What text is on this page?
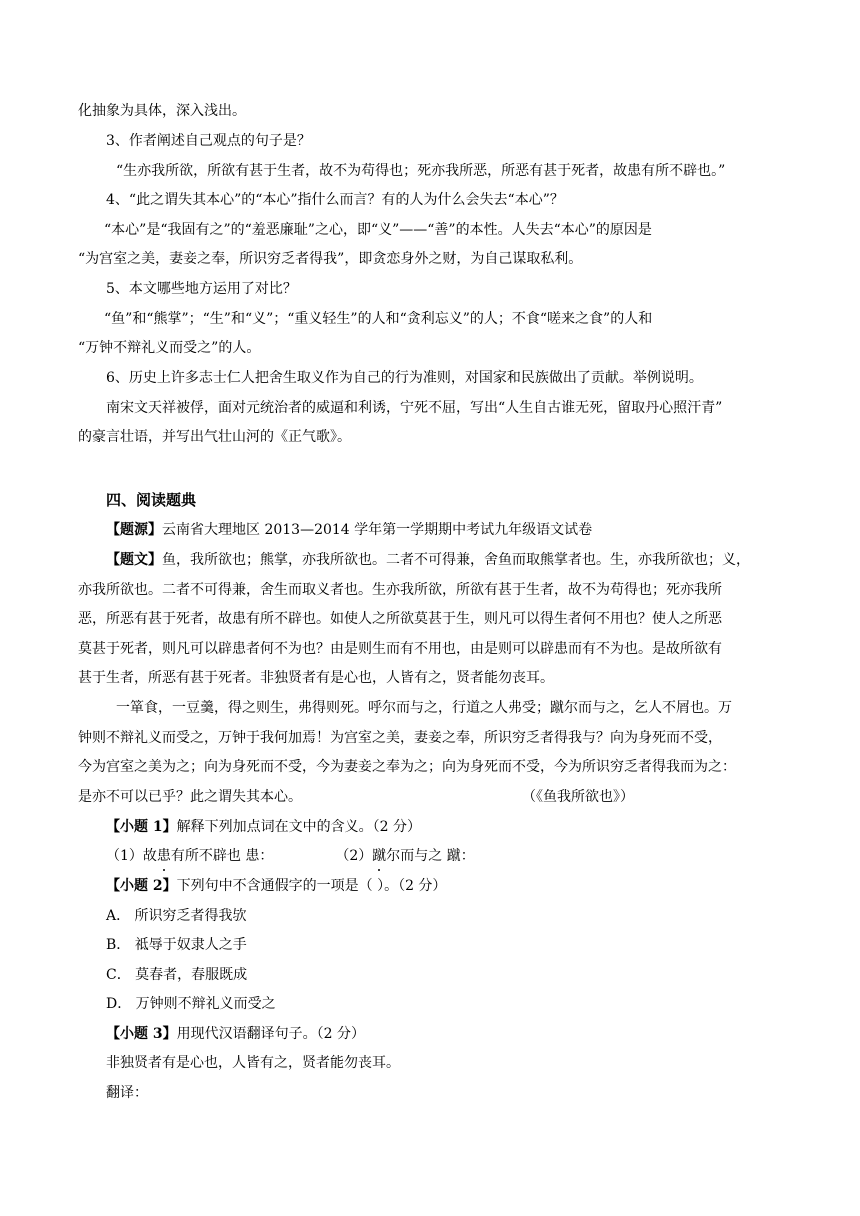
化抽象为具体，深入浅出。
3、作者阐述自己观点的句子是？
“生亦我所欲，所欲有甚于生者，故不为苟得也；死亦我所恶，所恶有甚于死者，故患有所不辟也。”
4、“此之谓失其本心”的“本心”指什么而言？有的人为什么会失去“本心”？
“本心”是“我固有之”的“羞恶廉耻”之心，即“义”——“善”的本性。人失去“本心”的原因是
“为宫室之美，妻妾之奉，所识穷乏者得我”，即贪恋身外之财，为自己谋取私利。
5、本文哪些地方运用了对比？
“鱼”和“熊掌”；“生”和“义”；“重义轻生”的人和“贪利忘义”的人；不食“嗟来之食”的人和
“万钟不辩礼义而受之”的人。
6、历史上许多志士仁人把舍生取义作为自己的行为准则，对国家和民族做出了贡献。举例说明。
南宋文天祥被俘，面对元统治者的威逼和利诱，宁死不屈，写出“人生自古谁无死，留取丹心照汗青”
的豪言壮语，并写出气壮山河的《正气歌》。
四、阅读题典
【题源】云南省大理地区 2013—2014 学年第一学期期中考试九年级语文试卷
【题文】鱼，我所欲也；熊掌，亦我所欲也。二者不可得兼，舍鱼而取熊掌者也。生，亦我所欲也；义，
亦我所欲也。二者不可得兼，舍生而取义者也。生亦我所欲，所欲有甚于生者，故不为苟得也；死亦我所
恶，所恶有甚于死者，故患有所不辟也。如使人之所欲莫甚于生，则凡可以得生者何不用也？使人之所恶
莫甚于死者，则凡可以辟患者何不为也？由是则生而有不用也，由是则可以辟患而有不为也。是故所欲有
甚于生者，所恶有甚于死者。非独贤者有是心也，人皆有之，贤者能勿丧耳。
一箪食，一豆羹，得之则生，弗得则死。呼尔而与之，行道之人弗受；蹴尔而与之，乞人不屑也。万
钟则不辩礼义而受之，万钟于我何加焉！为宫室之美，妻妾之奉，所识穷乏者得我与？向为身死而不受，
今为宫室之美为之；向为身死而不受，今为妻妾之奉为之；向为身死而不受，今为所识穷乏者得我而为之：
是亦不可以已乎？此之谓失其本心。	（《鱼我所欲也》）
【小题 1】解释下列加点词在文中的含义。（2 分）
（1）故患有所不辟也 患：	（2）蹴尔而与之 蹴：
【小题 2】下列句中不含通假字的一项是（ ）。（2 分）
A． 所识穷乏者得我欤
B． 祗辱于奴隶人之手
C． 莫春者，春服既成
D． 万钟则不辩礼义而受之
【小题 3】用现代汉语翻译句子。（2 分）
非独贤者有是心也，人皆有之，贤者能勿丧耳。
翻译：
